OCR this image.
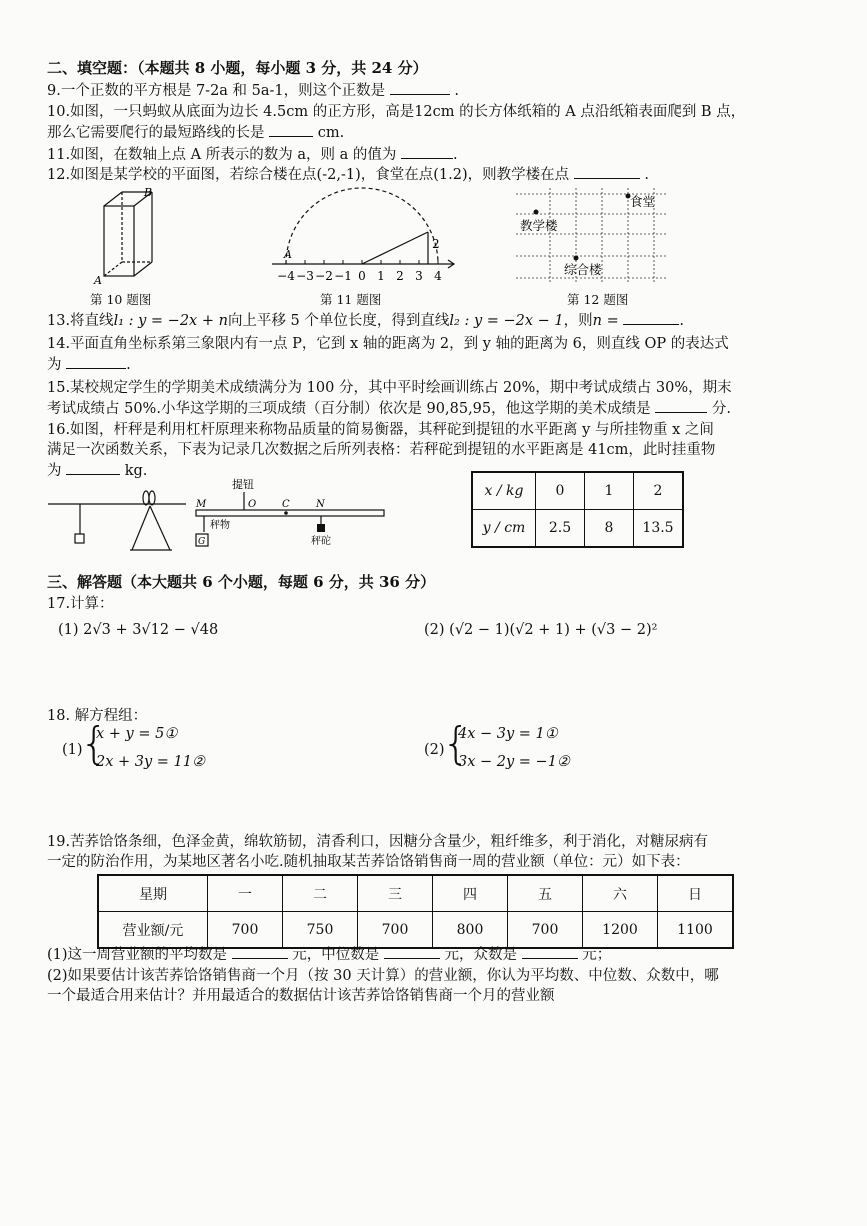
二、填空题：（本题共 8 小题，每小题 3 分，共 24 分）
9.一个正数的平方根是 7-2a 和 5a-1，则这个正数是	.
10.如图，一只蚂蚁从底面为边长 4.5cm 的正方形，高是12cm 的长方体纸箱的 A 点沿纸箱表面爬到 B 点，
那么它需要爬行的最短路线的长是	cm.
11.如图，在数轴上点 A 所表示的数为 a，则 a 的值为	.
12.如图是某学校的平面图，若综合楼在点(-2,-1)，食堂在点(1.2)，则教学楼在点	.
B
A
第 10 题图
2
A
−4 −3 −2 −1 0 1 2 3 4
第 11 题图
教学楼
食堂
综合楼
第 12 题图
13.将直线l₁ : y = −2x + n向上平移 5 个单位长度，得到直线l₂ : y = −2x − 1，则n =	.
14.平面直角坐标系第三象限内有一点 P，它到 x 轴的距离为 2，到 y 轴的距离为 6，则直线 OP 的表达式
为	.
15.某校规定学生的学期美术成绩满分为 100 分，其中平时绘画训练占 20%，期中考试成绩占 30%，期末
考试成绩占 50%.小华这学期的三项成绩（百分制）依次是 90,85,95，他这学期的美术成绩是	分.
16.如图，杆秤是利用杠杆原理来称物品质量的简易衡器，其秤砣到提钮的水平距离 y 与所挂物重 x 之间
满足一次函数关系，下表为记录几次数据之后所列表格：若秤砣到提钮的水平距离是 41cm，此时挂重物
为	kg.
提钮
M	O	C	N
秤物
G	秤砣
x / kg	0	1	2
y / cm	2.5	8	13.5
三、解答题（本大题共 6 个小题，每题 6 分，共 36 分）
17.计算：
(1) 2√3 + 3√12 − √48	(2) (√2 − 1)(√2 + 1) + (√3 − 2)²
18. 解方程组：
(1)
{
x + y = 5①
2x + 3y = 11②
(2)
{
4x − 3y = 1①
3x − 2y = −1②
19.苦荞饸饹条细，色泽金黄，绵软筋韧，清香利口，因糖分含量少，粗纤维多，利于消化，对糖尿病有
一定的防治作用，为某地区著名小吃.随机抽取某苦荞饸饹销售商一周的营业额（单位：元）如下表：
星期	一	二	三	四	五	六	日
营业额/元	700	750	700	800	700	1200	1100
(1)这一周营业额的平均数是	元，中位数是	元，众数是	元；
(2)如果要估计该苦荞饸饹销售商一个月（按 30 天计算）的营业额，你认为平均数、中位数、众数中，哪
一个最适合用来估计？并用最适合的数据估计该苦荞饸饹销售商一个月的营业额
